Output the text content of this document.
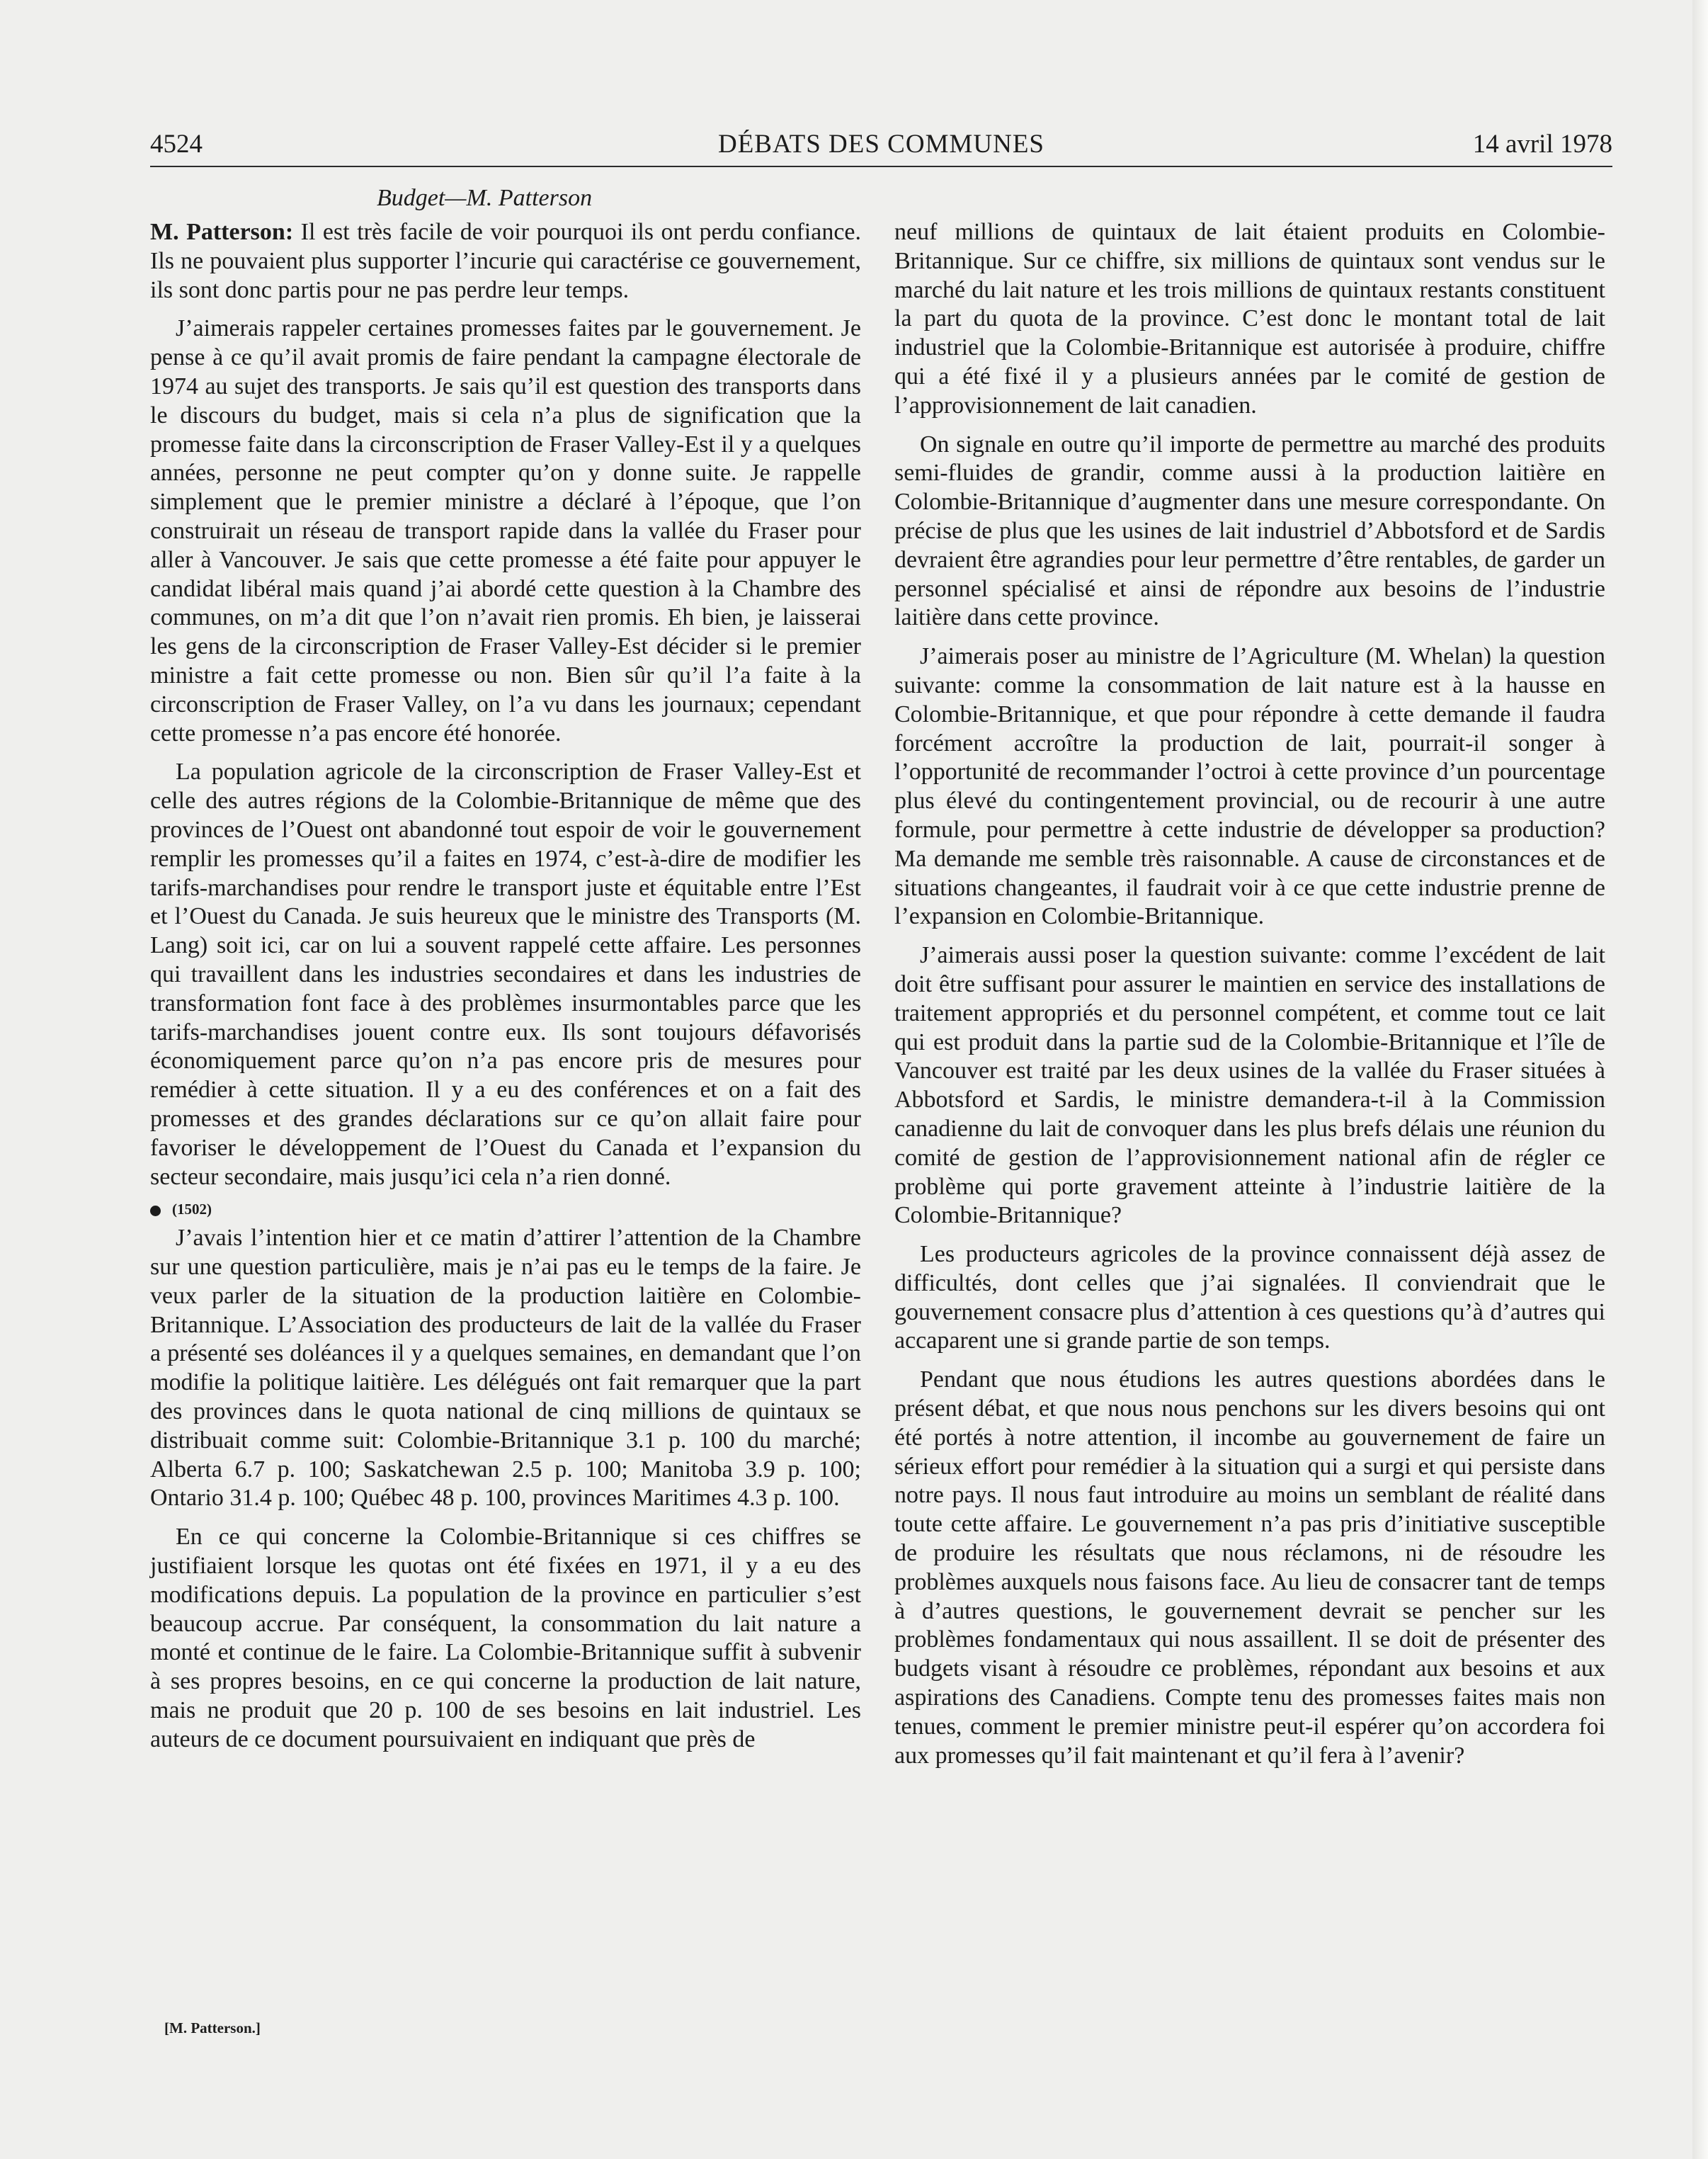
4524	DÉBATS DES COMMUNES	14 avril 1978
Budget—M. Patterson

M. Patterson: Il est très facile de voir pourquoi ils ont perdu confiance. Ils ne pouvaient plus supporter l’incurie qui caractérise ce gouvernement, ils sont donc partis pour ne pas perdre leur temps.

J’aimerais rappeler certaines promesses faites par le gouvernement. Je pense à ce qu’il avait promis de faire pendant la campagne électorale de 1974 au sujet des transports. Je sais qu’il est question des transports dans le discours du budget, mais si cela n’a plus de signification que la promesse faite dans la circonscription de Fraser Valley-Est il y a quelques années, personne ne peut compter qu’on y donne suite. Je rappelle simplement que le premier ministre a déclaré à l’époque, que l’on construirait un réseau de transport rapide dans la vallée du Fraser pour aller à Vancouver. Je sais que cette promesse a été faite pour appuyer le candidat libéral mais quand j’ai abordé cette question à la Chambre des communes, on m’a dit que l’on n’avait rien promis. Eh bien, je laisserai les gens de la circonscription de Fraser Valley-Est décider si le premier ministre a fait cette promesse ou non. Bien sûr qu’il l’a faite à la circonscription de Fraser Valley, on l’a vu dans les journaux; cependant cette promesse n’a pas encore été honorée.

La population agricole de la circonscription de Fraser Valley-Est et celle des autres régions de la Colombie-Britannique de même que des provinces de l’Ouest ont abandonné tout espoir de voir le gouvernement remplir les promesses qu’il a faites en 1974, c’est-à-dire de modifier les tarifs-marchandises pour rendre le transport juste et équitable entre l’Est et l’Ouest du Canada. Je suis heureux que le ministre des Transports (M. Lang) soit ici, car on lui a souvent rappelé cette affaire. Les personnes qui travaillent dans les industries secondaires et dans les industries de transformation font face à des problèmes insurmontables parce que les tarifs-marchandises jouent contre eux. Ils sont toujours défavorisés économiquement parce qu’on n’a pas encore pris de mesures pour remédier à cette situation. Il y a eu des conférences et on a fait des promesses et des grandes déclarations sur ce qu’on allait faire pour favoriser le développement de l’Ouest du Canada et l’expansion du secteur secondaire, mais jusqu’ici cela n’a rien donné.

(1502)

J’avais l’intention hier et ce matin d’attirer l’attention de la Chambre sur une question particulière, mais je n’ai pas eu le temps de la faire. Je veux parler de la situation de la production laitière en Colombie-Britannique. L’Association des producteurs de lait de la vallée du Fraser a présenté ses doléances il y a quelques semaines, en demandant que l’on modifie la politique laitière. Les délégués ont fait remarquer que la part des provinces dans le quota national de cinq millions de quintaux se distribuait comme suit: Colombie-Britannique 3.1 p. 100 du marché; Alberta 6.7 p. 100; Saskatchewan 2.5 p. 100; Manitoba 3.9 p. 100; Ontario 31.4 p. 100; Québec 48 p. 100, provinces Maritimes 4.3 p. 100.

En ce qui concerne la Colombie-Britannique si ces chiffres se justifiaient lorsque les quotas ont été fixées en 1971, il y a eu des modifications depuis. La population de la province en particulier s’est beaucoup accrue. Par conséquent, la consommation du lait nature a monté et continue de le faire. La Colombie-Britannique suffit à subvenir à ses propres besoins, en ce qui concerne la production de lait nature, mais ne produit que 20 p. 100 de ses besoins en lait industriel. Les auteurs de ce document poursuivaient en indiquant que près de

neuf millions de quintaux de lait étaient produits en Colombie-Britannique. Sur ce chiffre, six millions de quintaux sont vendus sur le marché du lait nature et les trois millions de quintaux restants constituent la part du quota de la province. C’est donc le montant total de lait industriel que la Colombie-Britannique est autorisée à produire, chiffre qui a été fixé il y a plusieurs années par le comité de gestion de l’approvisionnement de lait canadien.

On signale en outre qu’il importe de permettre au marché des produits semi-fluides de grandir, comme aussi à la production laitière en Colombie-Britannique d’augmenter dans une mesure correspondante. On précise de plus que les usines de lait industriel d’Abbotsford et de Sardis devraient être agrandies pour leur permettre d’être rentables, de garder un personnel spécialisé et ainsi de répondre aux besoins de l’industrie laitière dans cette province.

J’aimerais poser au ministre de l’Agriculture (M. Whelan) la question suivante: comme la consommation de lait nature est à la hausse en Colombie-Britannique, et que pour répondre à cette demande il faudra forcément accroître la production de lait, pourrait-il songer à l’opportunité de recommander l’octroi à cette province d’un pourcentage plus élevé du contingentement provincial, ou de recourir à une autre formule, pour permettre à cette industrie de développer sa production? Ma demande me semble très raisonnable. A cause de circonstances et de situations changeantes, il faudrait voir à ce que cette industrie prenne de l’expansion en Colombie-Britannique.

J’aimerais aussi poser la question suivante: comme l’excédent de lait doit être suffisant pour assurer le maintien en service des installations de traitement appropriés et du personnel compétent, et comme tout ce lait qui est produit dans la partie sud de la Colombie-Britannique et l’île de Vancouver est traité par les deux usines de la vallée du Fraser situées à Abbotsford et Sardis, le ministre demandera-t-il à la Commission canadienne du lait de convoquer dans les plus brefs délais une réunion du comité de gestion de l’approvisionnement national afin de régler ce problème qui porte gravement atteinte à l’industrie laitière de la Colombie-Britannique?

Les producteurs agricoles de la province connaissent déjà assez de difficultés, dont celles que j’ai signalées. Il conviendrait que le gouvernement consacre plus d’attention à ces questions qu’à d’autres qui accaparent une si grande partie de son temps.

Pendant que nous étudions les autres questions abordées dans le présent débat, et que nous nous penchons sur les divers besoins qui ont été portés à notre attention, il incombe au gouvernement de faire un sérieux effort pour remédier à la situation qui a surgi et qui persiste dans notre pays. Il nous faut introduire au moins un semblant de réalité dans toute cette affaire. Le gouvernement n’a pas pris d’initiative susceptible de produire les résultats que nous réclamons, ni de résoudre les problèmes auxquels nous faisons face. Au lieu de consacrer tant de temps à d’autres questions, le gouvernement devrait se pencher sur les problèmes fondamentaux qui nous assaillent. Il se doit de présenter des budgets visant à résoudre ce problèmes, répondant aux besoins et aux aspirations des Canadiens. Compte tenu des promesses faites mais non tenues, comment le premier ministre peut-il espérer qu’on accordera foi aux promesses qu’il fait maintenant et qu’il fera à l’avenir?

[M. Patterson.]
